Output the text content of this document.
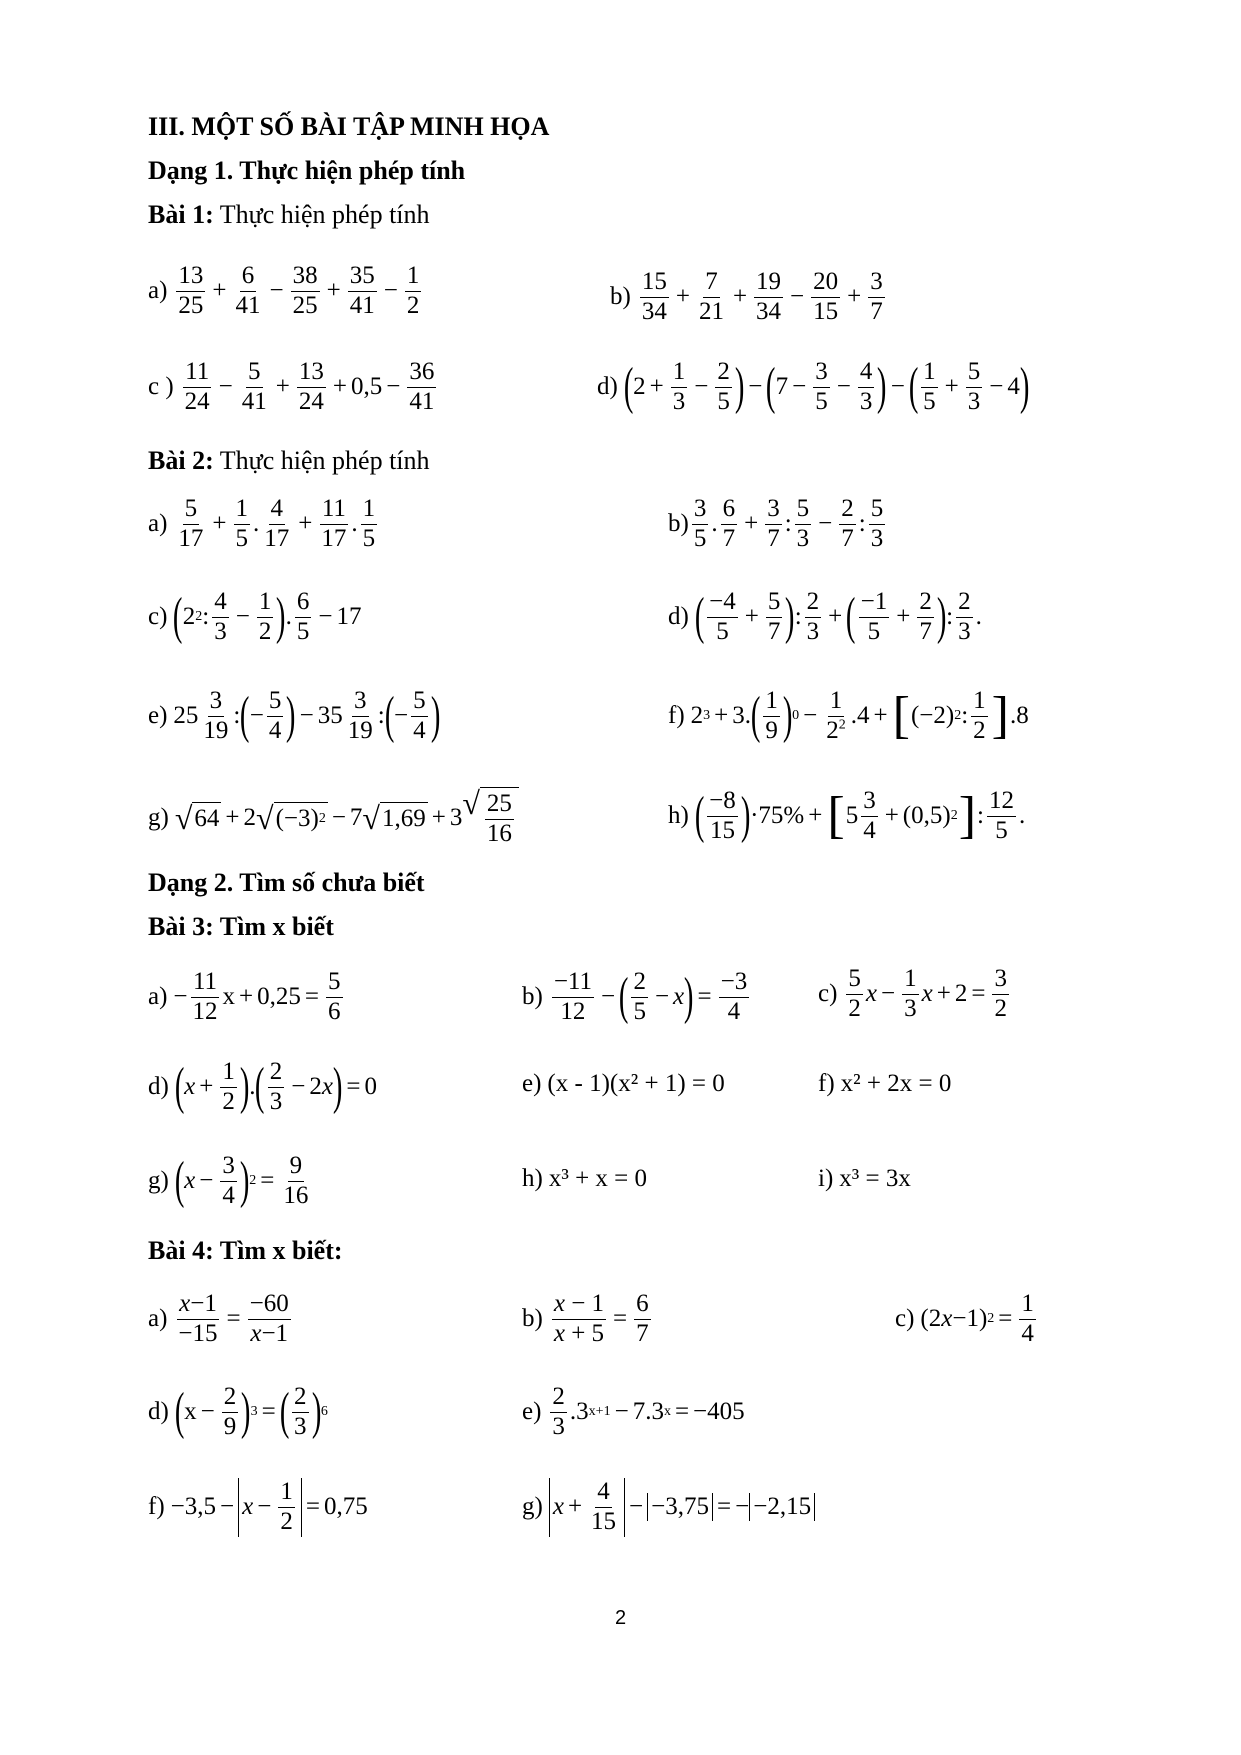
III. MỘT SỐ BÀI TẬP MINH HỌA
Dạng 1. Thực hiện phép tính
Bài 1: Thực hiện phép tính
$a) \frac{13}{25} + \frac{6}{41} - \frac{38}{25} + \frac{35}{41} - \frac{1}{2}$	$b) \frac{15}{34} + \frac{7}{21} + \frac{19}{34} - \frac{20}{15} + \frac{3}{7}$
c ) $\frac{11}{24} - \frac{5}{41} + \frac{13}{24} + 0,5 - \frac{36}{41}$	d) ( $2 + \frac{1}{3} - \frac{2}{5}$ ) − ( $7 - \frac{3}{5} - \frac{4}{3}$ ) − ( $\frac{1}{5} + \frac{5}{3} - 4$ )
Bài 2: Thực hiện phép tính
$a) \frac{5}{17} + \frac{1}{5}$ . $\frac{4}{17} + \frac{11}{17}$ . $\frac{1}{5}$	$b) \frac{3}{5}$ . $\frac{6}{7} + \frac{3}{7}$ : $\frac{5}{3} - \frac{2}{7}$ : $\frac{5}{3}$
c) ( 2 2 : $\frac{4}{3} - \frac{1}{2}$ ) . $\frac{6}{5} - 17$	d) ( $\frac{-4}{5} + \frac{5}{7}$ ) : $\frac{2}{3}$ + ( $\frac{-1}{5} + \frac{2}{7}$ ) : $\frac{2}{3}$ .
e) $25 \frac{3}{19}$ : ( − $\frac{5}{4}$ ) − $35 \frac{3}{19}$ : ( − $\frac{5}{4}$ )	f) 2 3 + 3. ( $\frac{1}{9}$ ) $0 - \frac{1}{2^2} .4$ + [ (−2) 2 : $\frac{1}{2}$ ] .8
g) √ 64 + 2 √ (−3) 2 − 7 √ 1,69 + 3 √ $\frac{25}{16}$	h) ( $\frac{-8}{15}$ ) ·75% + [ $5 \frac{3}{4} + (0,5)$ 2 ] : $\frac{12}{5}$ .
Dạng 2. Tìm số chưa biết
Bài 3: Tìm x biết
$a) - \frac{11}{12}$ $x + 0,25 = \frac{5}{6}$	$b) \frac{-11}{12}$ − ( $\frac{2}{5} - x$ ) = $\frac{-3}{4}$	$c) \frac{5}{2}$ $x - \frac{1}{3}$ $x + 2 = \frac{3}{2}$
d) ( $x + \frac{1}{2}$ ) . ( $\frac{2}{3} - 2$ x ) = 0	e) (x - 1)(x² + 1) = 0	f) x² + 2x = 0
g) ( $x - \frac{3}{4}$ ) $2 = \frac{9}{16}$	h) x³ + x = 0	i) x³ = 3x
Bài 4: Tìm x biết:
$a) \frac{x-1}{-15} = \frac{-60}{x-1}$	$b) \frac{x - 1}{x + 5} = \frac{6}{7}$	c) (2 x −1) $2 = \frac{1}{4}$
d) ( $x - \frac{2}{9}$ ) 3 = ( $\frac{2}{3}$ ) 6	$e) \frac{2}{3} .3$ x+1 − 7.3 x = −405
$f) -3,5 - x - \frac{1}{2} = 0,75$	g) $x + \frac{4}{15} - -3,75$ = − −2,15
2
